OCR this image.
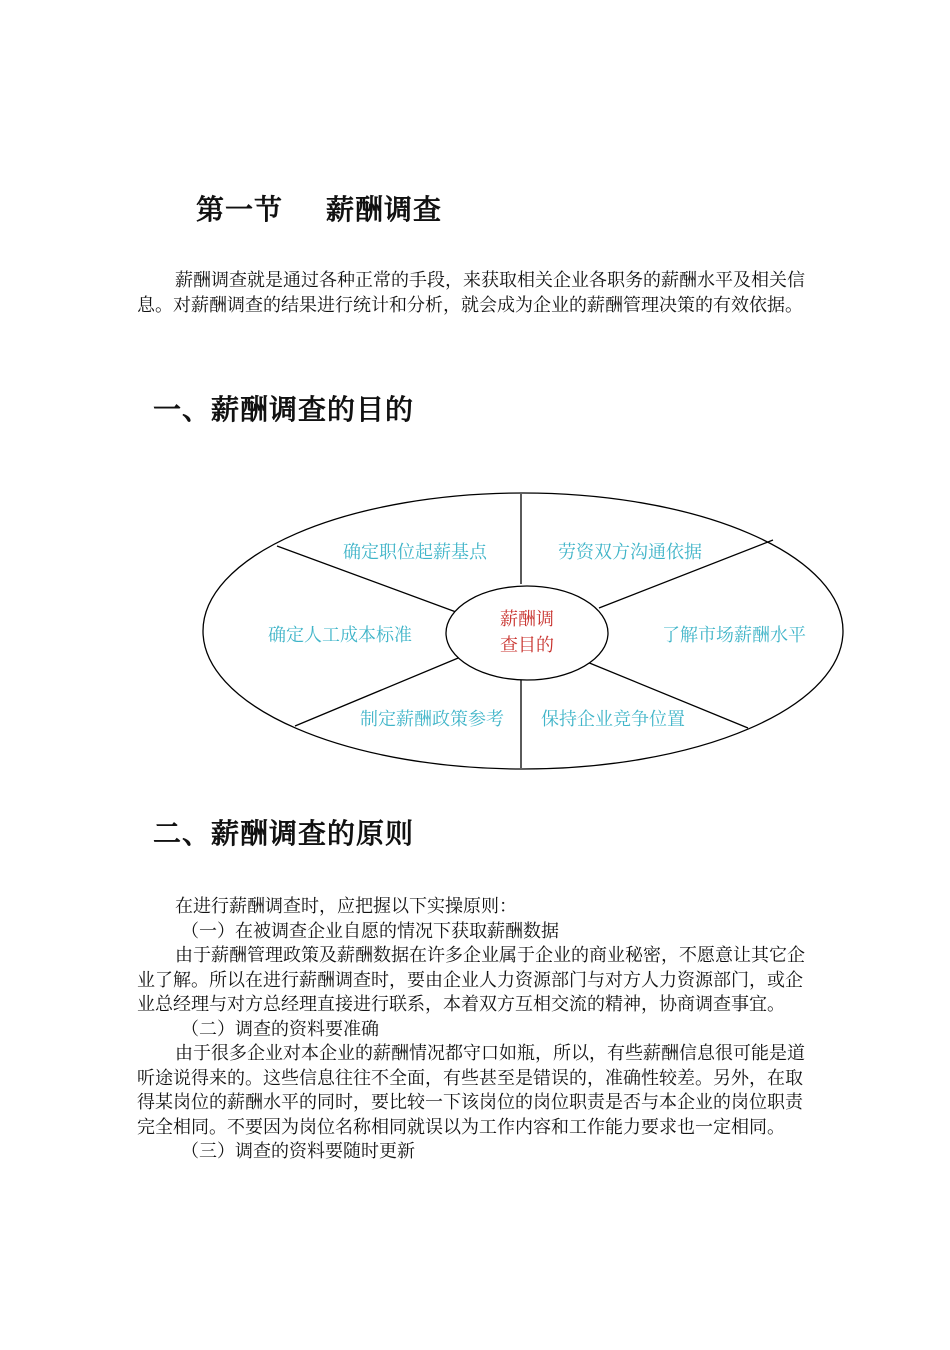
第一节    薪酬调查

薪酬调查就是通过各种正常的手段，来获取相关企业各职务的薪酬水平及相关信息。对薪酬调查的结果进行统计和分析，就会成为企业的薪酬管理决策的有效依据。

一、薪酬调查的目的
薪酬调
查目的
确定职位起薪基点	劳资双方沟通依据
确定人工成本标准	了解市场薪酬水平
制定薪酬政策参考 保持企业竞争位置
二、薪酬调查的原则

在进行薪酬调查时，应把握以下实操原则：

（一）在被调查企业自愿的情况下获取薪酬数据

由于薪酬管理政策及薪酬数据在许多企业属于企业的商业秘密，不愿意让其它企业了解。所以在进行薪酬调查时，要由企业人力资源部门与对方人力资源部门，或企业总经理与对方总经理直接进行联系，本着双方互相交流的精神，协商调查事宜。

（二）调查的资料要准确

由于很多企业对本企业的薪酬情况都守口如瓶，所以，有些薪酬信息很可能是道听途说得来的。这些信息往往不全面，有些甚至是错误的，准确性较差。另外，在取得某岗位的薪酬水平的同时，要比较一下该岗位的岗位职责是否与本企业的岗位职责完全相同。不要因为岗位名称相同就误以为工作内容和工作能力要求也一定相同。

（三）调查的资料要随时更新
